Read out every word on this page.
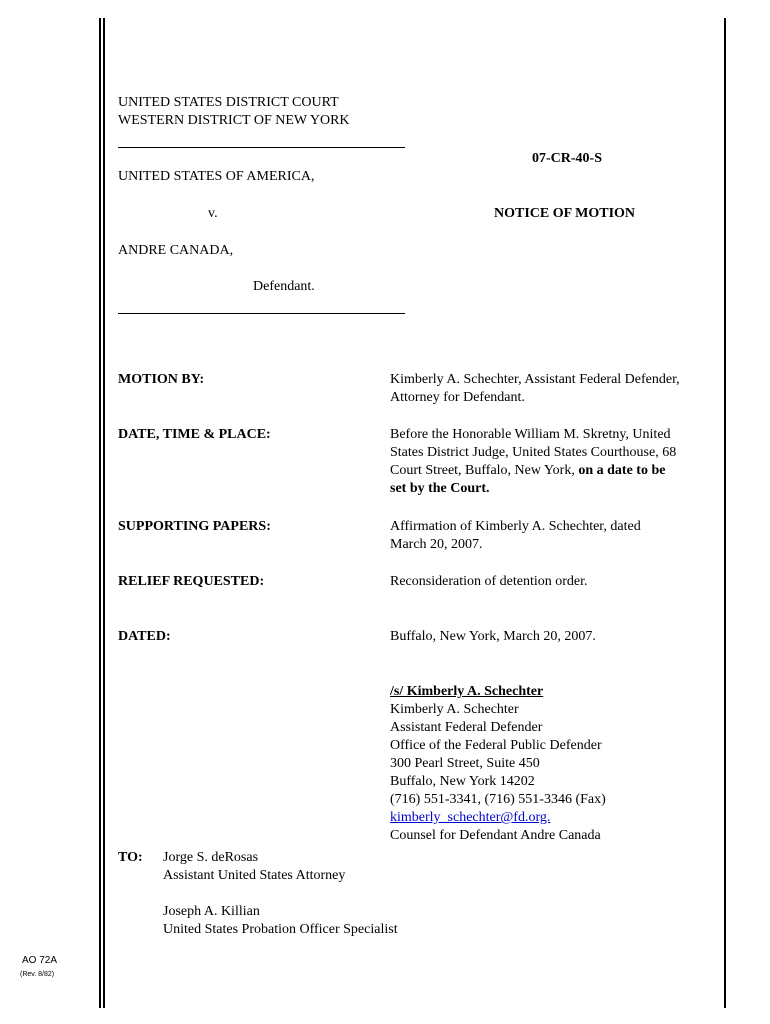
UNITED STATES DISTRICT COURT
WESTERN DISTRICT OF NEW YORK
07-CR-40-S
UNITED STATES OF AMERICA,
v.	NOTICE OF MOTION
ANDRE CANADA,
Defendant.
MOTION BY:	Kimberly A. Schechter, Assistant Federal Defender,
Attorney for Defendant.
DATE, TIME & PLACE:	Before the Honorable William M. Skretny, United
States District Judge, United States Courthouse, 68
Court Street, Buffalo, New York, on a date to be
set by the Court.
SUPPORTING PAPERS:	Affirmation of Kimberly A. Schechter, dated
March 20, 2007.
RELIEF REQUESTED:	Reconsideration of detention order.
DATED:	Buffalo, New York, March 20, 2007.
/s/ Kimberly A. Schechter
Kimberly A. Schechter
Assistant Federal Defender
Office of the Federal Public Defender
300 Pearl Street, Suite 450
Buffalo, New York 14202
(716) 551-3341, (716) 551-3346 (Fax)
kimberly_schechter@fd.org.
Counsel for Defendant Andre Canada
TO: Jorge S. deRosas
Assistant United States Attorney
Joseph A. Killian
United States Probation Officer Specialist
AO 72A
(Rev. 8/82)
